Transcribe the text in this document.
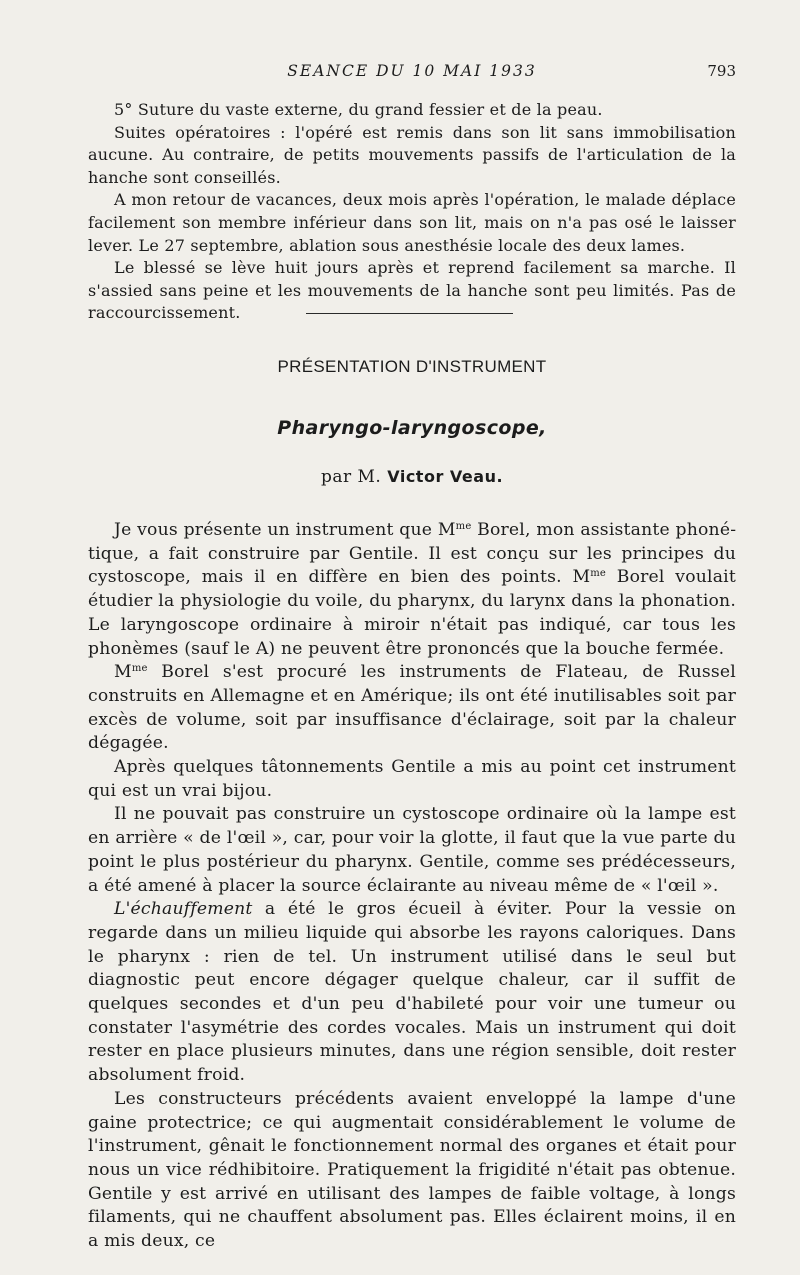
SEANCE DU 10 MAI 1933	793

5° Suture du vaste externe, du grand fessier et de la peau.

Suites opératoires : l'opéré est remis dans son lit sans immobilisation aucune. Au contraire, de petits mouvements passifs de l'articulation de la hanche sont conseillés.

A mon retour de vacances, deux mois après l'opération, le malade déplace facilement son membre inférieur dans son lit, mais on n'a pas osé le laisser lever. Le 27 septembre, ablation sous anesthésie locale des deux lames.

Le blessé se lève huit jours après et reprend facilement sa marche. Il s'assied sans peine et les mouvements de la hanche sont peu limités. Pas de raccourcissement.

PRÉSENTATION D'INSTRUMENT
Pharyngo-laryngoscope,
par M. Victor Veau.

Je vous présente un instrument que $M^{me}$ Borel, mon assistante phonétique, a fait construire par Gentile. Il est conçu sur les principes du cystoscope, mais il en diffère en bien des points. $M^{me}$ Borel voulait étudier la physiologie du voile, du pharynx, du larynx dans la phonation. Le laryngoscope ordinaire à miroir n'était pas indiqué, car tous les phonèmes (sauf le A) ne peuvent être prononcés que la bouche fermée.

$M^{me}$ Borel s'est procuré les instruments de Flateau, de Russel construits en Allemagne et en Amérique; ils ont été inutilisables soit par excès de volume, soit par insuffisance d'éclairage, soit par la chaleur dégagée.

Après quelques tâtonnements Gentile a mis au point cet instrument qui est un vrai bijou.

Il ne pouvait pas construire un cystoscope ordinaire où la lampe est en arrière « de l'œil », car, pour voir la glotte, il faut que la vue parte du point le plus postérieur du pharynx. Gentile, comme ses prédécesseurs, a été amené à placer la source éclairante au niveau même de « l'œil ».

L'échauffement a été le gros écueil à éviter. Pour la vessie on regarde dans un milieu liquide qui absorbe les rayons caloriques. Dans le pharynx : rien de tel. Un instrument utilisé dans le seul but diagnostic peut encore dégager quelque chaleur, car il suffit de quelques secondes et d'un peu d'habileté pour voir une tumeur ou constater l'asymétrie des cordes vocales. Mais un instrument qui doit rester en place plusieurs minutes, dans une région sensible, doit rester absolument froid.

Les constructeurs précédents avaient enveloppé la lampe d'une gaine protectrice; ce qui augmentait considérablement le volume de l'instrument, gênait le fonctionnement normal des organes et était pour nous un vice rédhibitoire. Pratiquement la frigidité n'était pas obtenue. Gentile y est arrivé en utilisant des lampes de faible voltage, à longs filaments, qui ne chauffent absolument pas. Elles éclairent moins, il en a mis deux, ce
